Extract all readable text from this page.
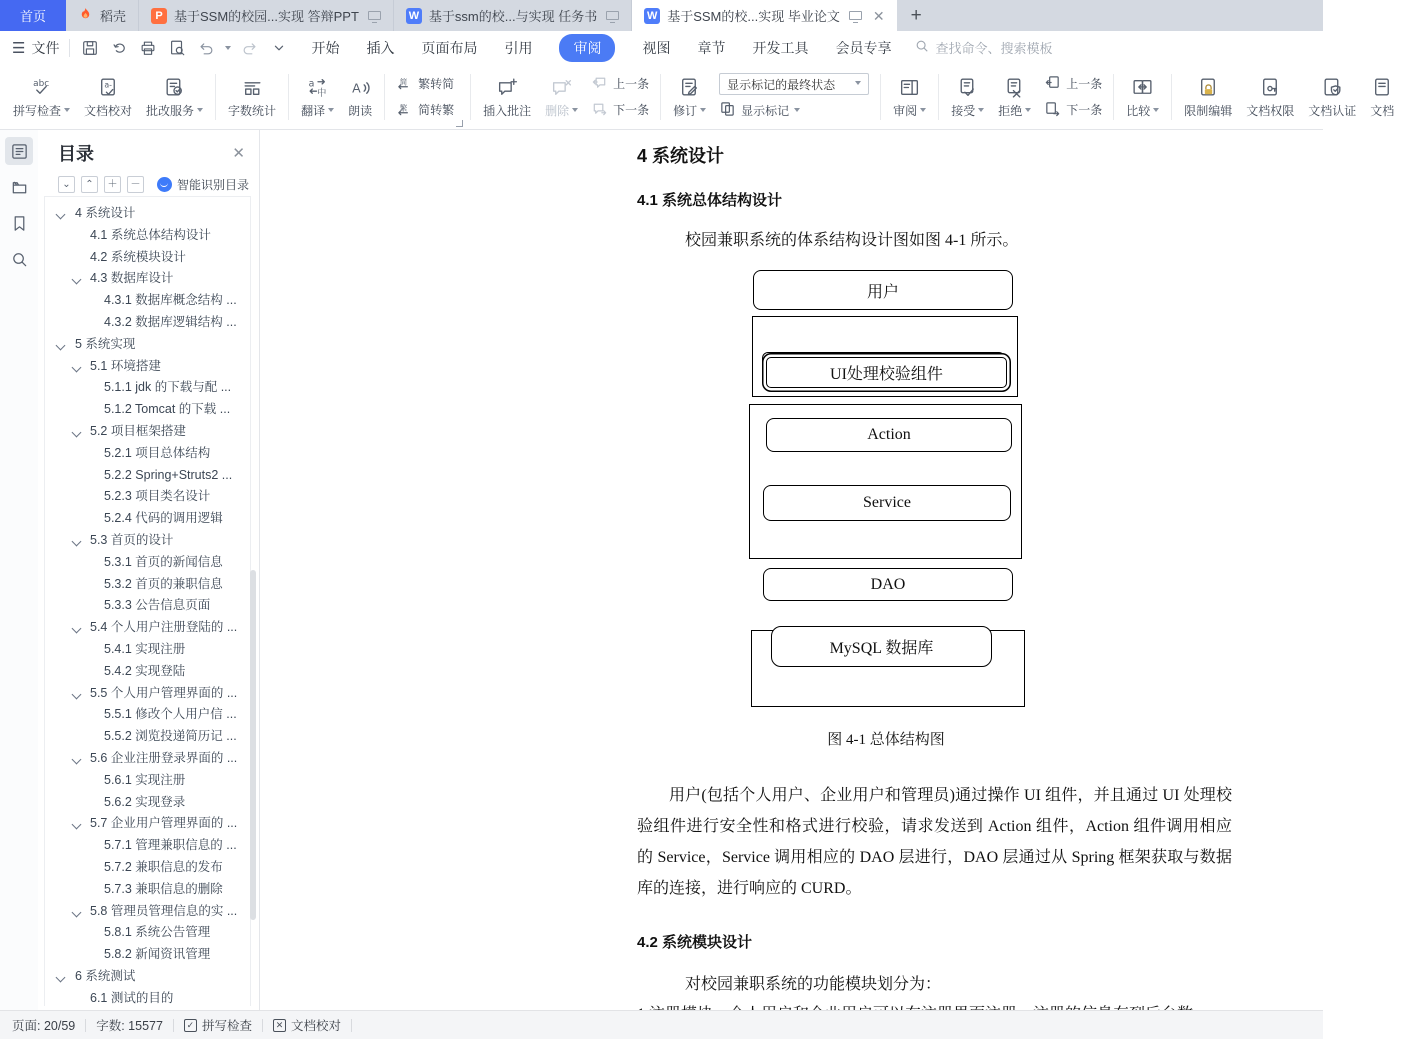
首页	稻壳	P 基于SSM的校园...实现 答辩PPT	W 基于ssm的校...与实现 任务书	W 基于SSM的校...实现 毕业论文 ✕	+
☰ 文件	开始 插入 页面布局 引用	审阅	视图 章节 开发工具 会员专享	查找命令、搜索模板
abc
拼写检查
a-
文档校对 批改服务	字数统计
a
中
翻译
A
朗读
简 繁转简
繁 简转繁 插入批注 删除
上一条
下一条 修订
显示标记的最终状态
显示标记	审阅	接受 拒绝
上一条
下一条 比较	限制编辑 文档权限 文档认证 文档
目录	✕
⌄	⌃	＋	－	智能识别目录
4 系统设计
4.1 系统总体结构设计
4.2 系统模块设计
4.3 数据库设计
4.3.1 数据库概念结构 ...
4.3.2 数据库逻辑结构 ...
5 系统实现
5.1 环境搭建
5.1.1 jdk 的下载与配 ...
5.1.2 Tomcat 的下载 ...
5.2 项目框架搭建
5.2.1 项目总体结构
5.2.2 Spring+Struts2 ...
5.2.3 项目类名设计
5.2.4 代码的调用逻辑
5.3 首页的设计
5.3.1 首页的新闻信息
5.3.2 首页的兼职信息
5.3.3 公告信息页面
5.4 个人用户注册登陆的 ...
5.4.1 实现注册
5.4.2 实现登陆
5.5 个人用户管理界面的 ...
5.5.1 修改个人用户信 ...
5.5.2 浏览投递简历记 ...
5.6 企业注册登录界面的 ...
5.6.1 实现注册
5.6.2 实现登录
5.7 企业用户管理界面的 ...
5.7.1 管理兼职信息的 ...
5.7.2 兼职信息的发布
5.7.3 兼职信息的删除
5.8 管理员管理信息的实 ...
5.8.1 系统公告管理
5.8.2 新闻资讯管理
6 系统测试
6.1 测试的目的
4 系统设计
4.1 系统总体结构设计
校园兼职系统的体系结构设计图如图 4-1 所示。
用户
UI处理校验组件
Action
Service
DAO
MySQL 数据库
图 4-1 总体结构图
用户(包括个人用户、企业用户和管理员)通过操作 UI 组件，并且通过 UI 处理校验组件进行安全性和格式进行校验，请求发送到 Action 组件，Action 组件调用相应的 Service，Service 调用相应的 DAO 层进行，DAO 层通过从 Spring 框架获取与数据库的连接，进行响应的 CURD。
4.2 系统模块设计
对校园兼职系统的功能模块划分为：
页面: 20/59 字数: 15577	✓ 拼写检查	✕ 文档校对
